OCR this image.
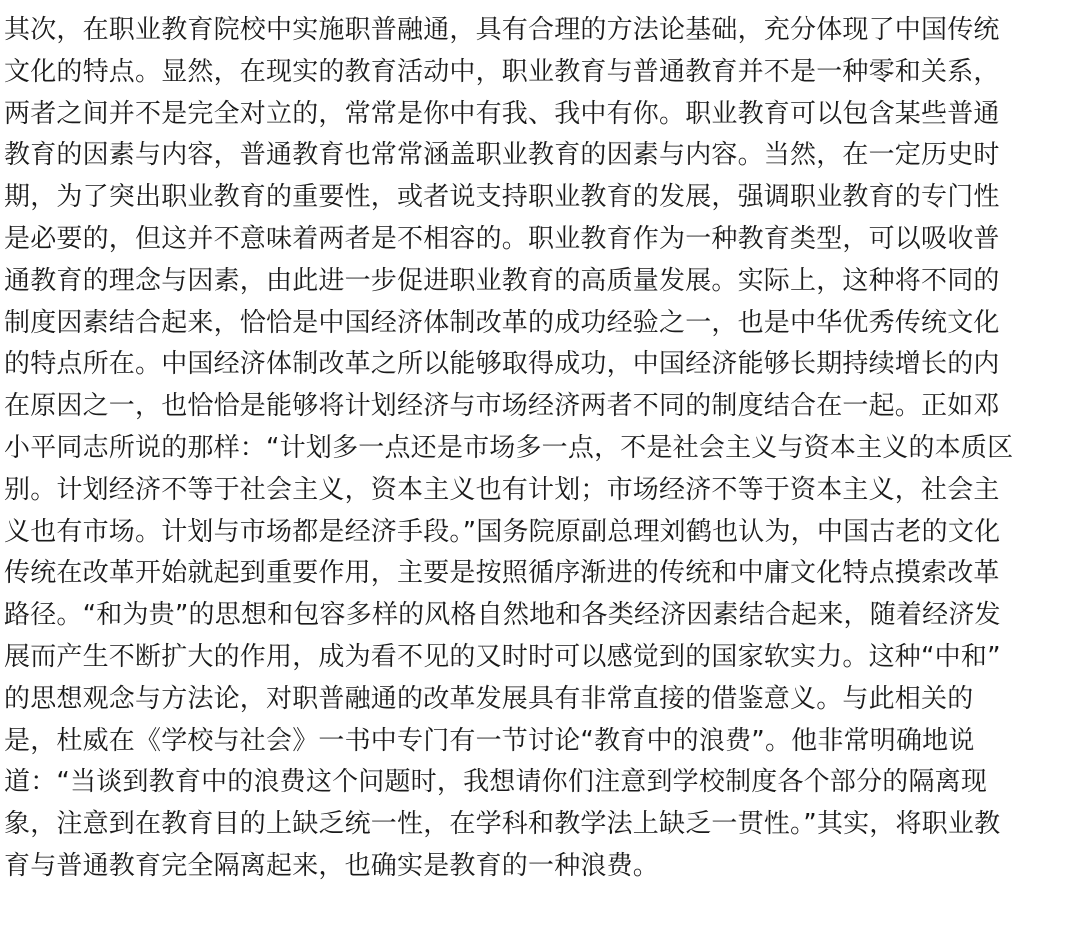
其次，在职业教育院校中实施职普融通，具有合理的方法论基础，充分体现了中国传统
文化的特点。显然，在现实的教育活动中，职业教育与普通教育并不是一种零和关系，
两者之间并不是完全对立的，常常是你中有我、我中有你。职业教育可以包含某些普通
教育的因素与内容，普通教育也常常涵盖职业教育的因素与内容。当然，在一定历史时
期，为了突出职业教育的重要性，或者说支持职业教育的发展，强调职业教育的专门性
是必要的，但这并不意味着两者是不相容的。职业教育作为一种教育类型，可以吸收普
通教育的理念与因素，由此进一步促进职业教育的高质量发展。实际上，这种将不同的
制度因素结合起来，恰恰是中国经济体制改革的成功经验之一，也是中华优秀传统文化
的特点所在。中国经济体制改革之所以能够取得成功，中国经济能够长期持续增长的内
在原因之一，也恰恰是能够将计划经济与市场经济两者不同的制度结合在一起。正如邓
小平同志所说的那样：“计划多一点还是市场多一点，不是社会主义与资本主义的本质区
别。计划经济不等于社会主义，资本主义也有计划；市场经济不等于资本主义，社会主
义也有市场。计划与市场都是经济手段。”国务院原副总理刘鹤也认为，中国古老的文化
传统在改革开始就起到重要作用，主要是按照循序渐进的传统和中庸文化特点摸索改革
路径。“和为贵”的思想和包容多样的风格自然地和各类经济因素结合起来，随着经济发
展而产生不断扩大的作用，成为看不见的又时时可以感觉到的国家软实力。这种“中和”
的思想观念与方法论，对职普融通的改革发展具有非常直接的借鉴意义。与此相关的
是，杜威在《学校与社会》一书中专门有一节讨论“教育中的浪费”。他非常明确地说
道：“当谈到教育中的浪费这个问题时，我想请你们注意到学校制度各个部分的隔离现
象，注意到在教育目的上缺乏统一性，在学科和教学法上缺乏一贯性。”其实，将职业教
育与普通教育完全隔离起来，也确实是教育的一种浪费。
